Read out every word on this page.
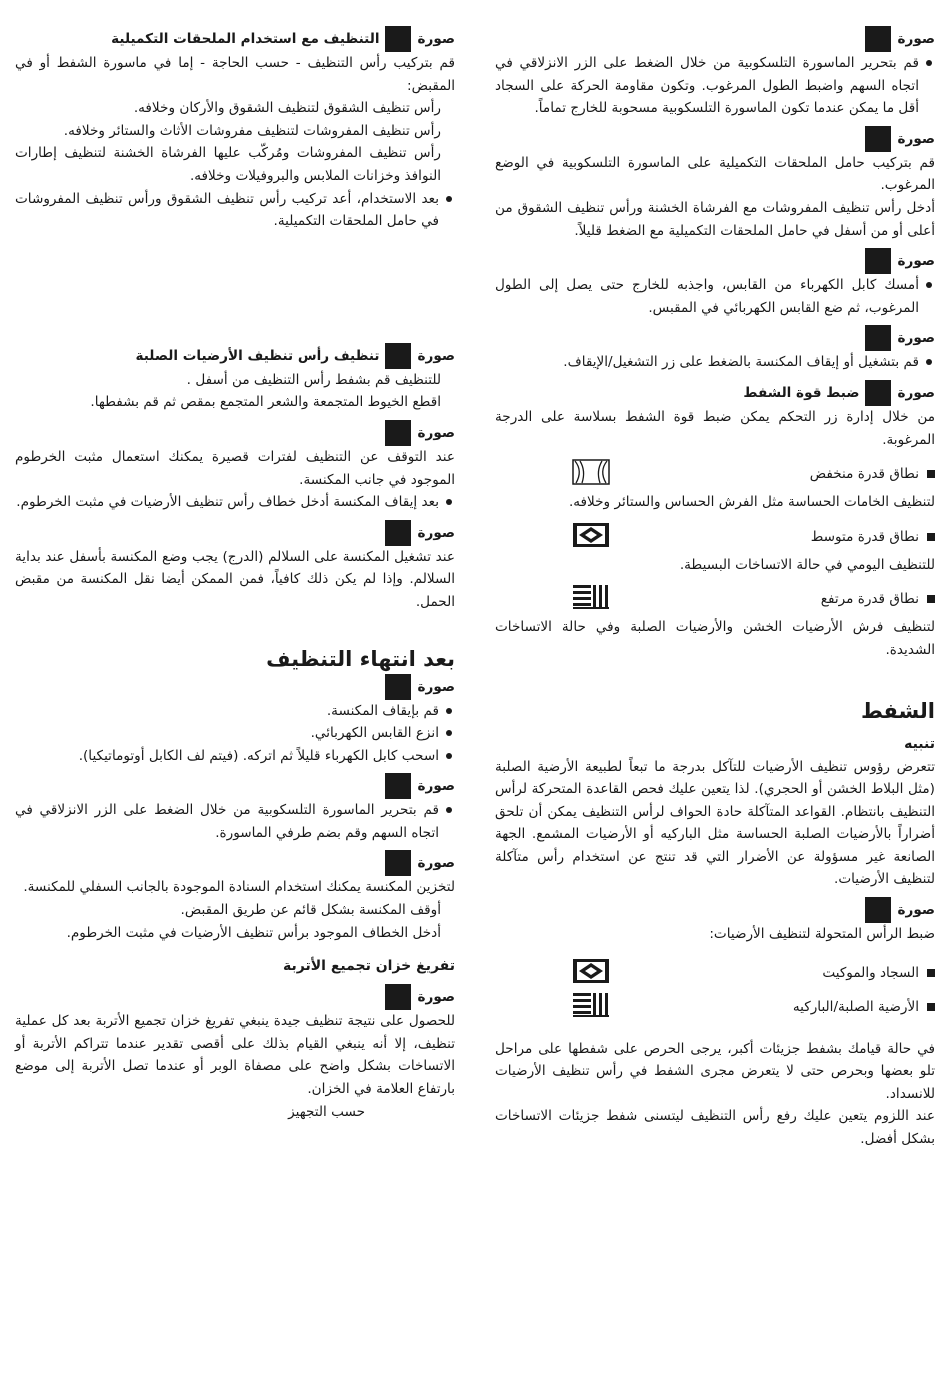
صورة
قم بتحرير الماسورة التلسكوبية من خلال الضغط على الزر الانزلاقي في اتجاه السهم واضبط الطول المرغوب. وتكون مقاومة الحركة على السجاد أقل ما يمكن عندما تكون الماسورة التلسكوبية مسحوبة للخارج تماماً.
صورة

قم بتركيب حامل الملحقات التكميلية على الماسورة التلسكوبية في الوضع المرغوب.

أدخل رأس تنظيف المفروشات مع الفرشاة الخشنة ورأس تنظيف الشقوق من أعلى أو من أسفل في حامل الملحقات التكميلية مع الضغط قليلاً.

صورة
أمسك كابل الكهرباء من القابس، واجذبه للخارج حتى يصل إلى الطول المرغوب، ثم ضع القابس الكهربائي في المقبس.
صورة
قم بتشغيل أو إيقاف المكنسة بالضغط على زر التشغيل/الإيقاف.
صورة
ضبط قوة الشفط

من خلال إدارة زر التحكم يمكن ضبط قوة الشفط بسلاسة على الدرجة المرغوبة.

نطاق قدرة منخفض

لتنظيف الخامات الحساسة مثل الفرش الحساس والستائر وخلافه.

نطاق قدرة متوسط

للتنظيف اليومي في حالة الاتساخات البسيطة.

نطاق قدرة مرتفع

لتنظيف فرش الأرضيات الخشن والأرضيات الصلبة وفي حالة الاتساخات الشديدة.

الشفط
تنبيه

تتعرض رؤوس تنظيف الأرضيات للتآكل بدرجة ما تبعاً لطبيعة الأرضية الصلبة (مثل البلاط الخشن أو الحجري). لذا يتعين عليك فحص القاعدة المتحركة لرأس التنظيف بانتظام. القواعد المتآكلة حادة الحواف لرأس التنظيف يمكن أن تلحق أضراراً بالأرضيات الصلبة الحساسة مثل الباركيه أو الأرضيات المشمع. الجهة الصانعة غير مسؤولة عن الأضرار التي قد تنتج عن استخدام رأس متآكلة لتنظيف الأرضيات.

صورة

ضبط الرأس المتحولة لتنظيف الأرضيات:

السجاد والموكيت
الأرضية الصلبة/الباركيه

في حالة قيامك بشفط جزيئات أكبر، يرجى الحرص على شفطها على مراحل تلو بعضها وبحرص حتى لا يتعرض مجرى الشفط في رأس تنظيف الأرضيات للانسداد.

عند اللزوم يتعين عليك رفع رأس التنظيف ليتسنى شفط جزيئات الاتساخات بشكل أفضل.

صورة
التنظيف مع استخدام الملحقات التكميلية

قم بتركيب رأس التنظيف - حسب الحاجة - إما في ماسورة الشفط أو في المقبض:

رأس تنظيف الشقوق لتنظيف الشقوق والأركان وخلافه.

رأس تنظيف المفروشات لتنظيف مفروشات الأثاث والستائر وخلافه.

رأس تنظيف المفروشات ومُركّب عليها الفرشاة الخشنة لتنظيف إطارات النوافذ وخزانات الملابس والبروفيلات وخلافه.

بعد الاستخدام، أعد تركيب رأس تنظيف الشقوق ورأس تنظيف المفروشات في حامل الملحقات التكميلية.
صورة
تنظيف رأس تنظيف الأرضيات الصلبة

للتنظيف قم بشفط رأس التنظيف من أسفل .

اقطع الخيوط المتجمعة والشعر المتجمع بمقص ثم قم بشفطها.

صورة

عند التوقف عن التنظيف لفترات قصيرة يمكنك استعمال مثبت الخرطوم الموجود في جانب المكنسة.

بعد إيقاف المكنسة أدخل خطاف رأس تنظيف الأرضيات في مثبت الخرطوم.
صورة

عند تشغيل المكنسة على السلالم (الدرج) يجب وضع المكنسة بأسفل عند بداية السلالم. وإذا لم يكن ذلك كافياً، فمن الممكن أيضا نقل المكنسة من مقبض الحمل.

بعد انتهاء التنظيف
صورة
قم بإيقاف المكنسة.
انزع القابس الكهربائي.
اسحب كابل الكهرباء قليلاً ثم اتركه. (فيتم لف الكابل أوتوماتيكيا).
صورة
قم بتحرير الماسورة التلسكوبية من خلال الضغط على الزر الانزلاقي في اتجاه السهم وقم بضم طرفي الماسورة.
صورة

لتخزين المكنسة يمكنك استخدام السنادة الموجودة بالجانب السفلي للمكنسة.

أوقف المكنسة بشكل قائم عن طريق المقبض.

أدخل الخطاف الموجود برأس تنظيف الأرضيات في مثبت الخرطوم.

تفريغ خزان تجميع الأتربة
صورة

للحصول على نتيجة تنظيف جيدة ينبغي تفريغ خزان تجميع الأتربة بعد كل عملية تنظيف، إلا أنه ينبغي القيام بذلك على أقصى تقدير عندما تتراكم الأتربة أو الاتساخات بشكل واضح على مصفاة الوبر أو عندما تصل الأتربة إلى موضع بارتفاع العلامة في الخزان.

حسب التجهيز
